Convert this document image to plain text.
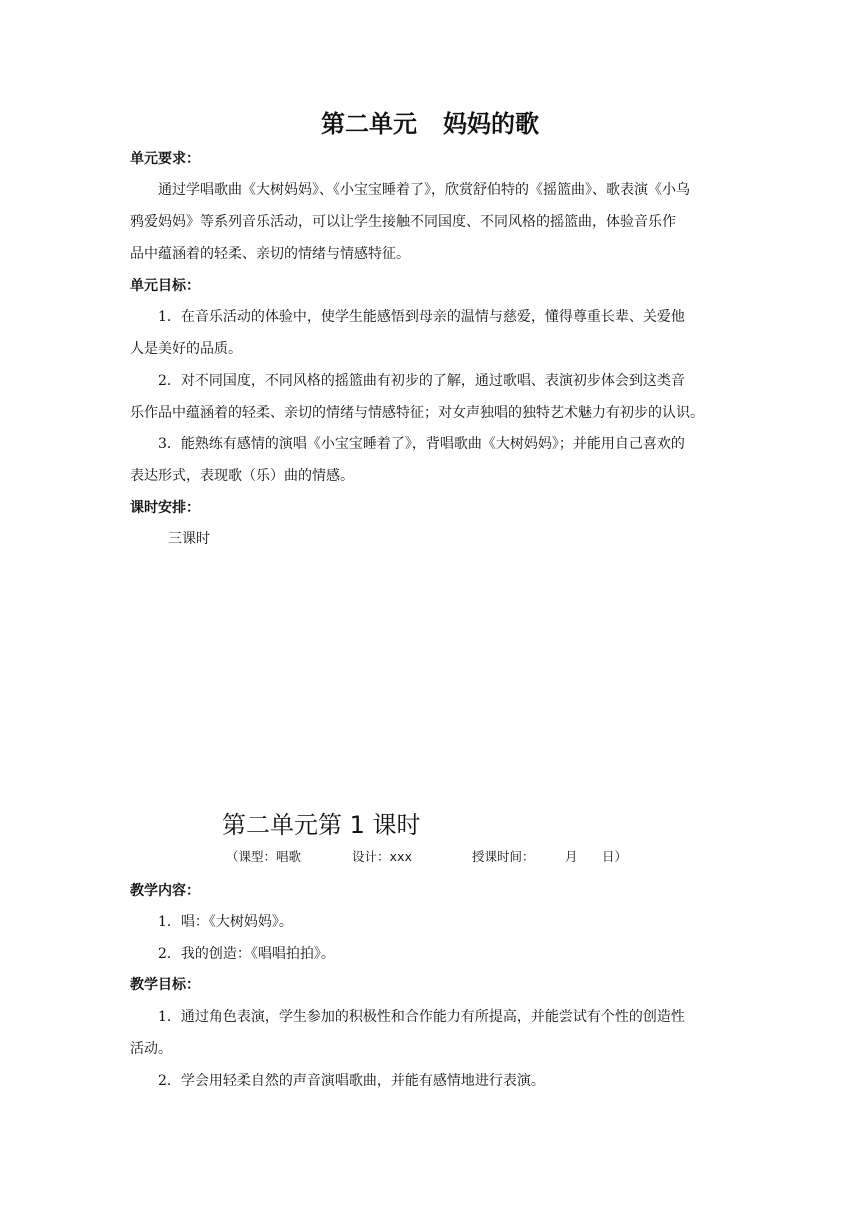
第二单元 妈妈的歌
单元要求：
通过学唱歌曲《大树妈妈》、《小宝宝睡着了》，欣赏舒伯特的《摇篮曲》、歌表演《小乌
鸦爱妈妈》等系列音乐活动，可以让学生接触不同国度、不同风格的摇篮曲，体验音乐作
品中蕴涵着的轻柔、亲切的情绪与情感特征。
单元目标：
1．在音乐活动的体验中，使学生能感悟到母亲的温情与慈爱，懂得尊重长辈、关爱他
人是美好的品质。
2．对不同国度，不同风格的摇篮曲有初步的了解，通过歌唱、表演初步体会到这类音
乐作品中蕴涵着的轻柔、亲切的情绪与情感特征；对女声独唱的独特艺术魅力有初步的认识。
3．能熟练有感情的演唱《小宝宝睡着了》，背唱歌曲《大树妈妈》；并能用自己喜欢的
表达形式，表现歌（乐）曲的情感。
课时安排：
三课时
第二单元第 1 课时
（课型：唱歌	设计：xxx	授课时间： 月 日）
教学内容：
1．唱：《大树妈妈》。
2．我的创造：《唱唱拍拍》。
教学目标：
1．通过角色表演，学生参加的积极性和合作能力有所提高，并能尝试有个性的创造性
活动。
2．学会用轻柔自然的声音演唱歌曲，并能有感情地进行表演。
